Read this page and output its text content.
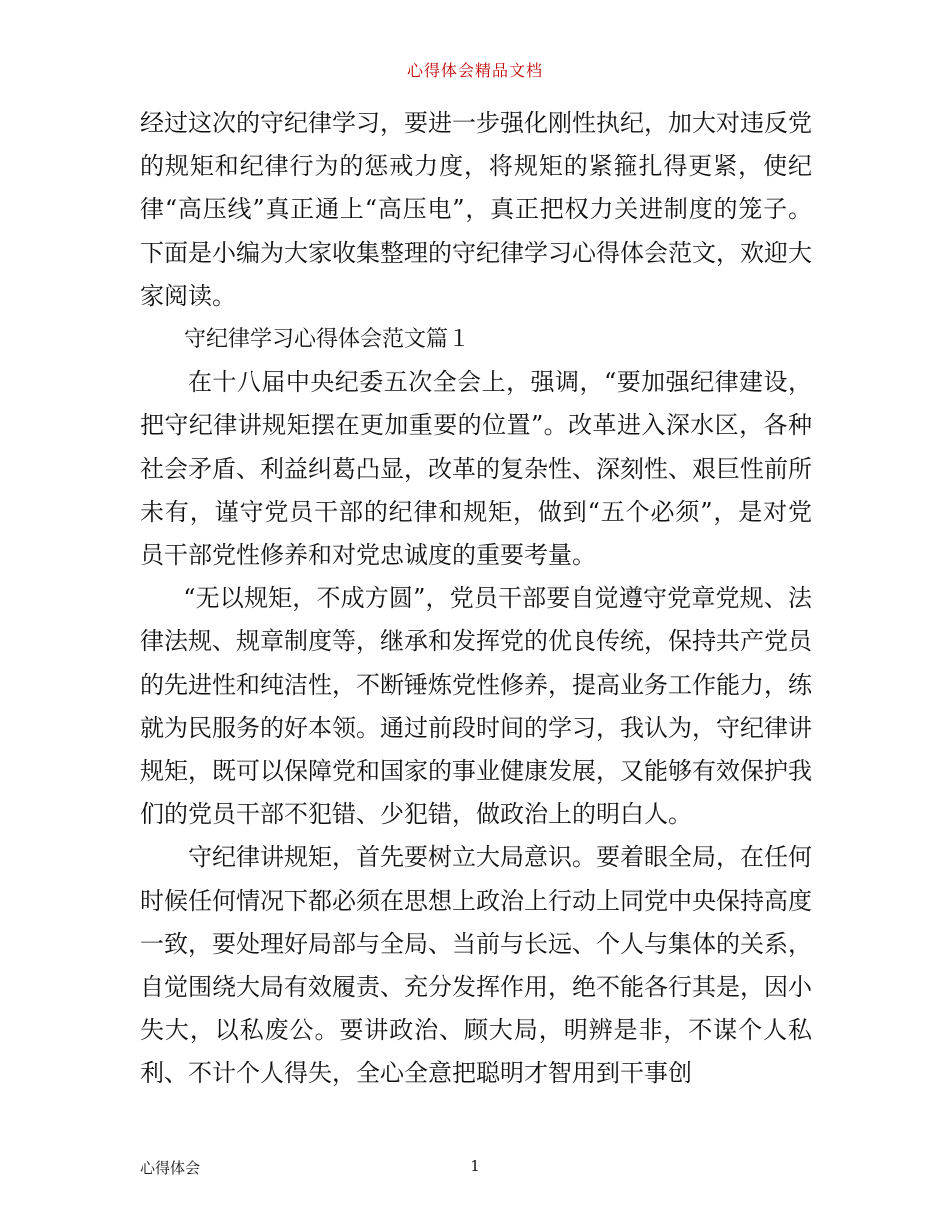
心得体会精品文档

经过这次的守纪律学习，要进一步强化刚性执纪，加大对违反党的规矩和纪律行为的惩戒力度，将规矩的紧箍扎得更紧，使纪律“高压线”真正通上“高压电”，真正把权力关进制度的笼子。下面是小编为大家收集整理的守纪律学习心得体会范文，欢迎大家阅读。

守纪律学习心得体会范文篇１

在十八届中央纪委五次全会上，强调，“要加强纪律建设，把守纪律讲规矩摆在更加重要的位置”。改革进入深水区，各种社会矛盾、利益纠葛凸显，改革的复杂性、深刻性、艰巨性前所未有，谨守党员干部的纪律和规矩，做到“五个必须”，是对党员干部党性修养和对党忠诚度的重要考量。

“无以规矩，不成方圆”，党员干部要自觉遵守党章党规、法律法规、规章制度等，继承和发挥党的优良传统，保持共产党员的先进性和纯洁性，不断锤炼党性修养，提高业务工作能力，练就为民服务的好本领。通过前段时间的学习，我认为，守纪律讲规矩，既可以保障党和国家的事业健康发展，又能够有效保护我们的党员干部不犯错、少犯错，做政治上的明白人。

守纪律讲规矩，首先要树立大局意识。要着眼全局，在任何时候任何情况下都必须在思想上政治上行动上同党中央保持高度一致，要处理好局部与全局、当前与长远、个人与集体的关系，自觉围绕大局有效履责、充分发挥作用，绝不能各行其是，因小失大，以私废公。要讲政治、顾大局，明辨是非，不谋个人私利、不计个人得失，全心全意把聪明才智用到干事创

心得体会	1
